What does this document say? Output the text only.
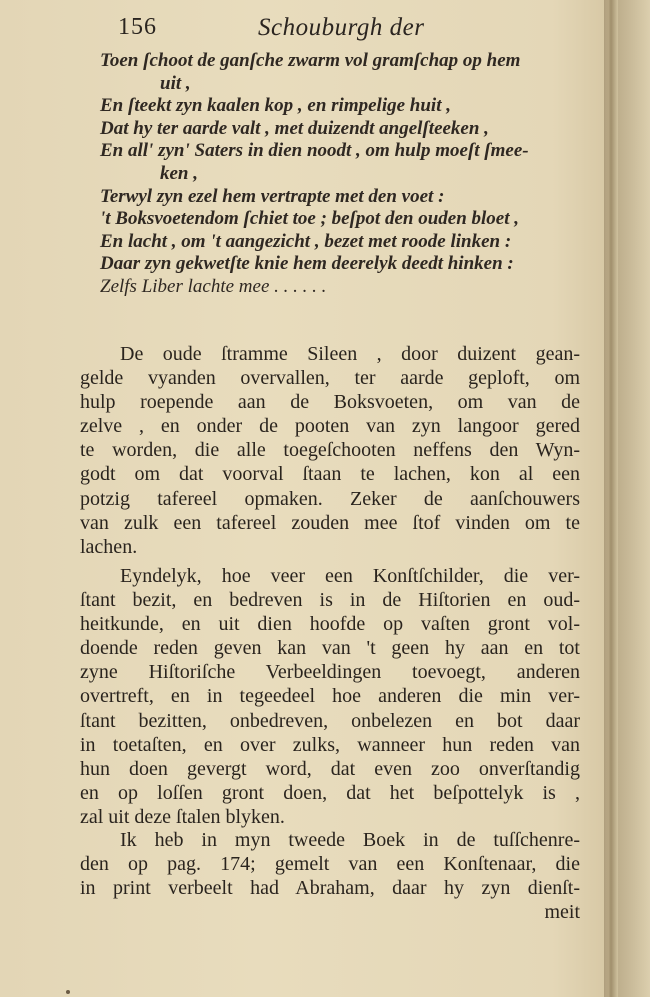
156	Schouburgh der
Toen ſchoot de ganſche zwarm vol gramſchap op hem
uit ,
En ſteekt zyn kaalen kop , en rimpelige huit ,
Dat hy ter aarde valt , met duizendt angelſteeken ,
En all' zyn' Saters in dien noodt , om hulp moeſt ſmee-
ken ,
Terwyl zyn ezel hem vertrapte met den voet :
't Boksvoetendom ſchiet toe ; beſpot den ouden bloet ,
En lacht , om 't aangezicht , bezet met roode linken :
Daar zyn gekwetſte knie hem deerelyk deedt hinken :
Zelfs Liber lachte mee . . . . . .
De oude ſtramme Sileen , door duizent gean-
gelde vyanden overvallen, ter aarde geploft, om
hulp roepende aan de Boksvoeten, om van de
zelve , en onder de pooten van zyn langoor gered
te worden, die alle toegeſchooten neffens den Wyn-
godt om dat voorval ſtaan te lachen, kon al een
potzig tafereel opmaken. Zeker de aanſchouwers
van zulk een tafereel zouden mee ſtof vinden om te
lachen.
Eyndelyk, hoe veer een Konſtſchilder, die ver-
ſtant bezit, en bedreven is in de Hiſtorien en oud-
heitkunde, en uit dien hoofde op vaſten gront vol-
doende reden geven kan van 't geen hy aan en tot
zyne Hiſtoriſche Verbeeldingen toevoegt, anderen
overtreft, en in tegeedeel hoe anderen die min ver-
ſtant bezitten, onbedreven, onbelezen en bot daar
in toetaſten, en over zulks, wanneer hun reden van
hun doen gevergt word, dat even zoo onverſtandig
en op loſſen gront doen, dat het beſpottelyk is ,
zal uit deze ſtalen blyken.
Ik heb in myn tweede Boek in de tuſſchenre-
den op pag. 174; gemelt van een Konſtenaar, die
in print verbeelt had Abraham, daar hy zyn dienſt-
meit
